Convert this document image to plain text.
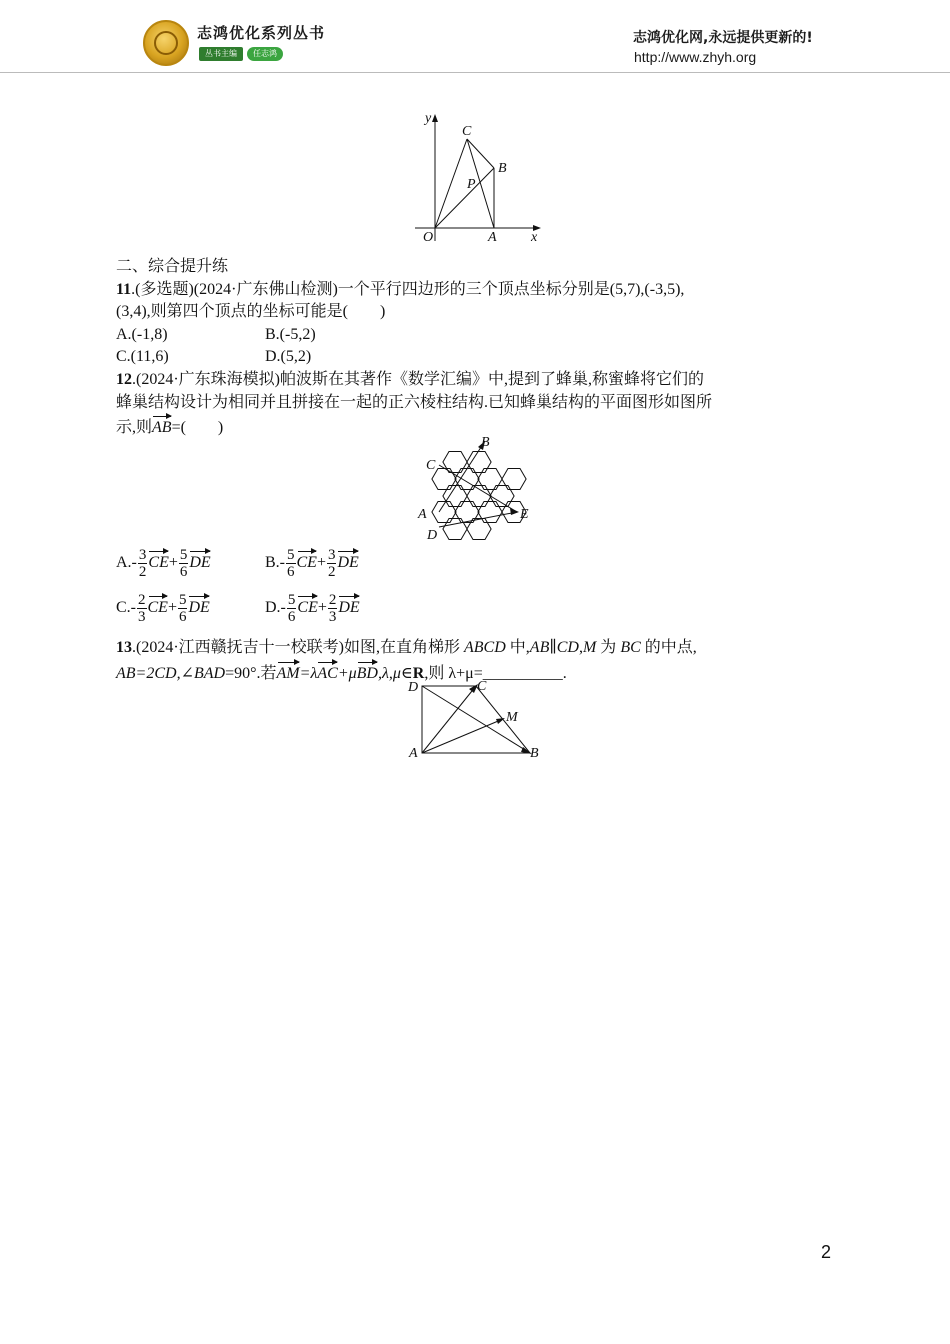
志鸿优化系列丛书
丛书主编	任志鸿
志鸿优化网,永远提供更新的!
http://www.zhyh.org
y
C
B
P
O	A x
二、综合提升练
11.(多选题)(2024·广东佛山检测)一个平行四边形的三个顶点坐标分别是(5,7),(-3,5),
(3,4),则第四个顶点的坐标可能是(　　)
A.(-1,8)	B.(-5,2)
C.(11,6)	D.(5,2)
12.(2024·广东珠海模拟)帕波斯在其著作《数学汇编》中,提到了蜂巢,称蜜蜂将它们的
蜂巢结构设计为相同并且拼接在一起的正六棱柱结构.已知蜂巢结构的平面图形如图所
示,则AB=(　　)
B
C
A	E
D
$A.- \frac{3}{2} CE+ \frac{5}{6}$ DE	$B.- \frac{5}{6} CE+ \frac{3}{2}$ DE
$C.- \frac{2}{3} CE+ \frac{5}{6}$ DE	$D.- \frac{5}{6} CE+ \frac{2}{3}$ DE
13.(2024·江西赣抚吉十一校联考)如图,在直角梯形 ABCD 中,AB∥CD,M 为 BC 的中点,
AB=2CD,∠BAD=90°.若AM=λAC+μBD,λ,μ∈R,则 λ+μ=__________.
D	C
M
A	B
2
